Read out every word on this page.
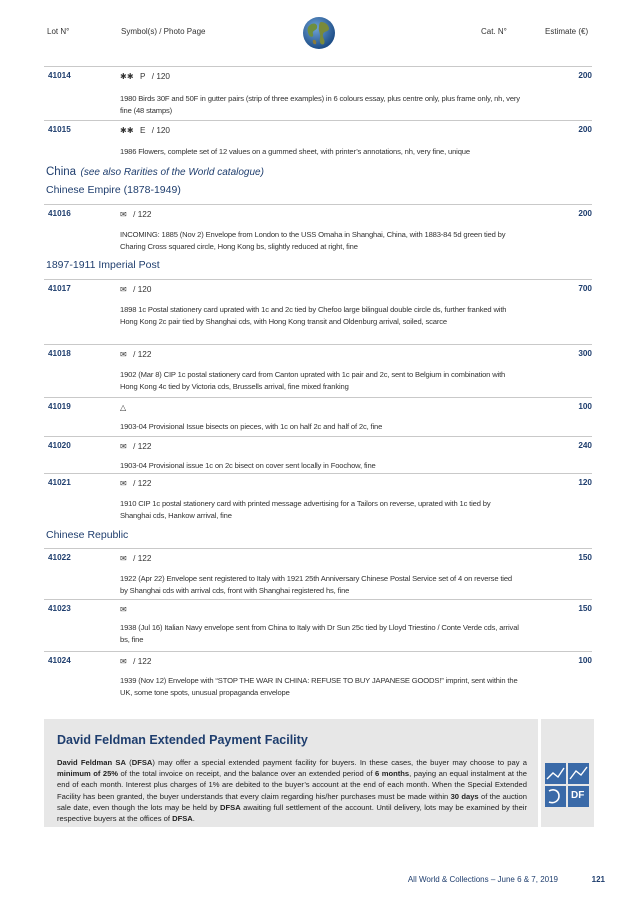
Lot N°	Symbol(s) / Photo Page	Cat. N°	Estimate (€)
41014	✱✱ P / 120	200
1980 Birds 30F and 50F in gutter pairs (strip of three examples) in 6 colours essay, plus centre only, plus frame only, nh, very fine (48 stamps)
41015	✱✱ E / 120	200
1986 Flowers, complete set of 12 values on a gummed sheet, with printer’s annotations, nh, very fine, unique
China (see also Rarities of the World catalogue)
Chinese Empire (1878-1949)
41016	✉ / 122	200
INCOMING: 1885 (Nov 2) Envelope from London to the USS Omaha in Shanghai, China, with 1883-84 5d green tied by Charing Cross squared circle, Hong Kong bs, slightly reduced at right, fine
1897-1911 Imperial Post
41017	✉ / 120	700
1898 1c Postal stationery card uprated with 1c and 2c tied by Chefoo large bilingual double circle ds, further franked with Hong Kong 2c pair tied by Shanghai cds, with Hong Kong transit and Oldenburg arrival, soiled, scarce
41018	✉ / 122	300
1902 (Mar 8) CIP 1c postal stationery card from Canton uprated with 1c pair and 2c, sent to Belgium in combination with Hong Kong 4c tied by Victoria cds, Brussells arrival, fine mixed franking
41019	△	100
1903-04 Provisional Issue bisects on pieces, with 1c on half 2c and half of 2c, fine
41020	✉ / 122	240
1903-04 Provisional issue 1c on 2c bisect on cover sent locally in Foochow, fine
41021	✉ / 122	120
1910 CIP 1c postal stationery card with printed message advertising for a Tailors on reverse, uprated with 1c tied by Shanghai cds, Hankow arrival, fine
Chinese Republic
41022	✉ / 122	150
1922 (Apr 22) Envelope sent registered to Italy with 1921 25th Anniversary Chinese Postal Service set of 4 on reverse tied by Shanghai cds with arrival cds, front with Shanghai registered hs, fine
41023	✉	150
1938 (Jul 16) Italian Navy envelope sent from China to Italy with Dr Sun 25c tied by Lloyd Triestino / Conte Verde cds, arrival bs, fine
41024	✉ / 122	100
1939 (Nov 12) Envelope with “STOP THE WAR IN CHINA: REFUSE TO BUY JAPANESE GOODS!” imprint, sent within the UK, some tone spots, unusual propaganda envelope
David Feldman Extended Payment Facility
David Feldman SA (DFSA) may offer a special extended payment facility for buyers. In these cases, the buyer may choose to pay a minimum of 25% of the total invoice on receipt, and the balance over an extended period of 6 months, paying an equal instalment at the end of each month. Interest plus charges of 1% are debited to the buyer’s account at the end of each month. When the Special Extended Facility has been granted, the buyer understands that every claim regarding his/her purchases must be made within 30 days of the auction sale date, even though the lots may be held by DFSA awaiting full settlement of the account. Until delivery, lots may be examined by their respective buyers at the offices of DFSA.
DF
All World & Collections – June 6 & 7, 2019	121
